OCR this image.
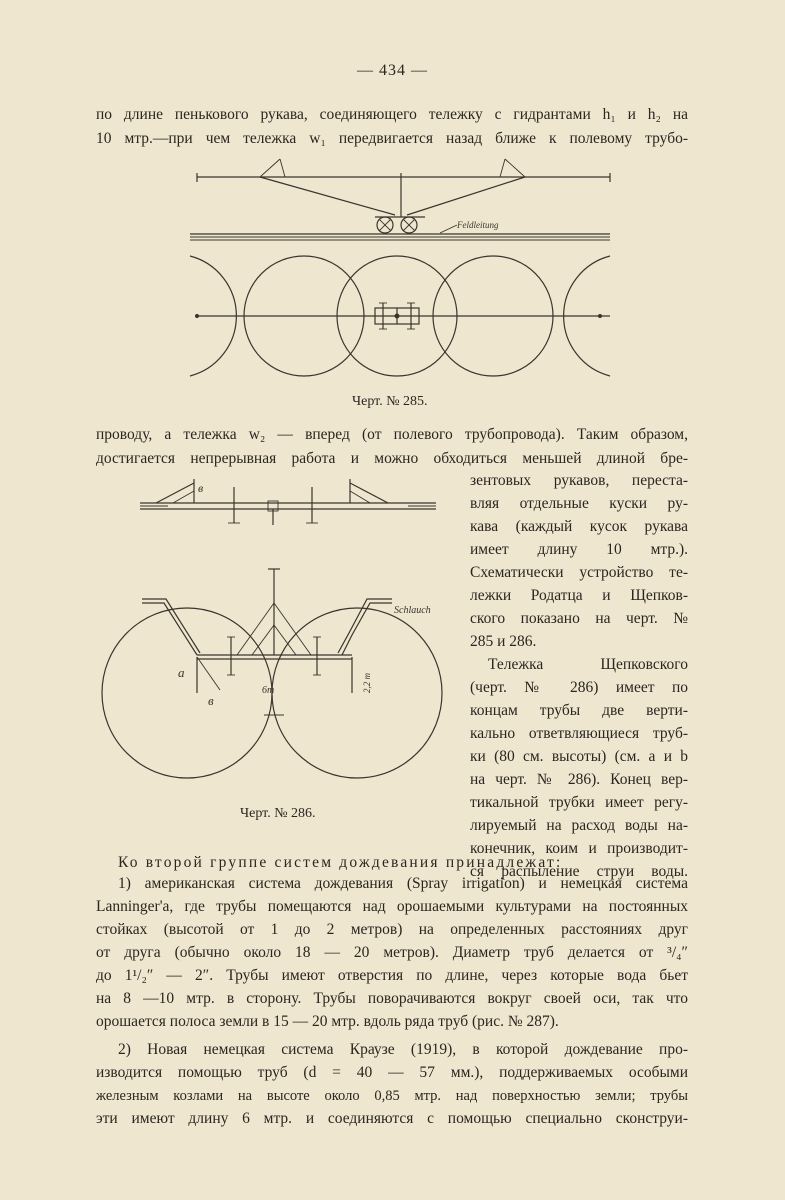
— 434 —
по длине пенькового рукава, соединяющего тележку с гидрантами h₁ и h₂ на
10 мтр.—при чем тележка w₁ передвигается назад ближе к полевому трубо-
Feldleitung
Черт. № 285.
проводу, а тележка w₂ — вперед (от полевого трубопровода). Таким образом,
достигается непрерывная работа и можно обходиться меньшей длиной бре-
зентовых рукавов, переста-
вляя отдельные куски ру-
кава (каждый кусок рукава
имеет длину 10 мтр.).
Схематически устройство те-
лежки Родатца и Щепков-
ского показано на черт. №
285 и 286.
Тележка Щепковского
(черт. № 286) имеет по
концам трубы две верти-
кально ответвляющиеся труб-
ки (80 см. высоты) (см. a и b
на черт. № 286). Конец вер-
тикальной трубки имеет регу-
лируемый на расход воды на-
конечник, коим и производит-
ся распыление струи воды.
в
Schlauch
a
в
6m	2,2 m
Черт. № 286.
Ко второй группе систем дождевания принадлежат:
1) американская система дождевания (Spray irrigation) и немецкая система
Lanninger'a, где трубы помещаются над орошаемыми культурами на постоянных
стойках (высотой от 1 до 2 метров) на определенных расстояниях друг
от друга (обычно около 18 — 20 метров). Диаметр труб делается от ³/₄″
до 1¹/₂″ — 2″. Трубы имеют отверстия по длине, через которые вода бьет
на 8 —10 мтр. в сторону. Трубы поворачиваются вокруг своей оси, так что
орошается полоса земли в 15 — 20 мтр. вдоль ряда труб (рис. № 287).
2) Новая немецкая система Краузе (1919), в которой дождевание про-
изводится помощью труб (d = 40 — 57 мм.), поддерживаемых особыми
железным козлами на высоте около 0,85 мтр. над поверхностью земли; трубы
эти имеют длину 6 мтр. и соединяются с помощью специально сконструи-
